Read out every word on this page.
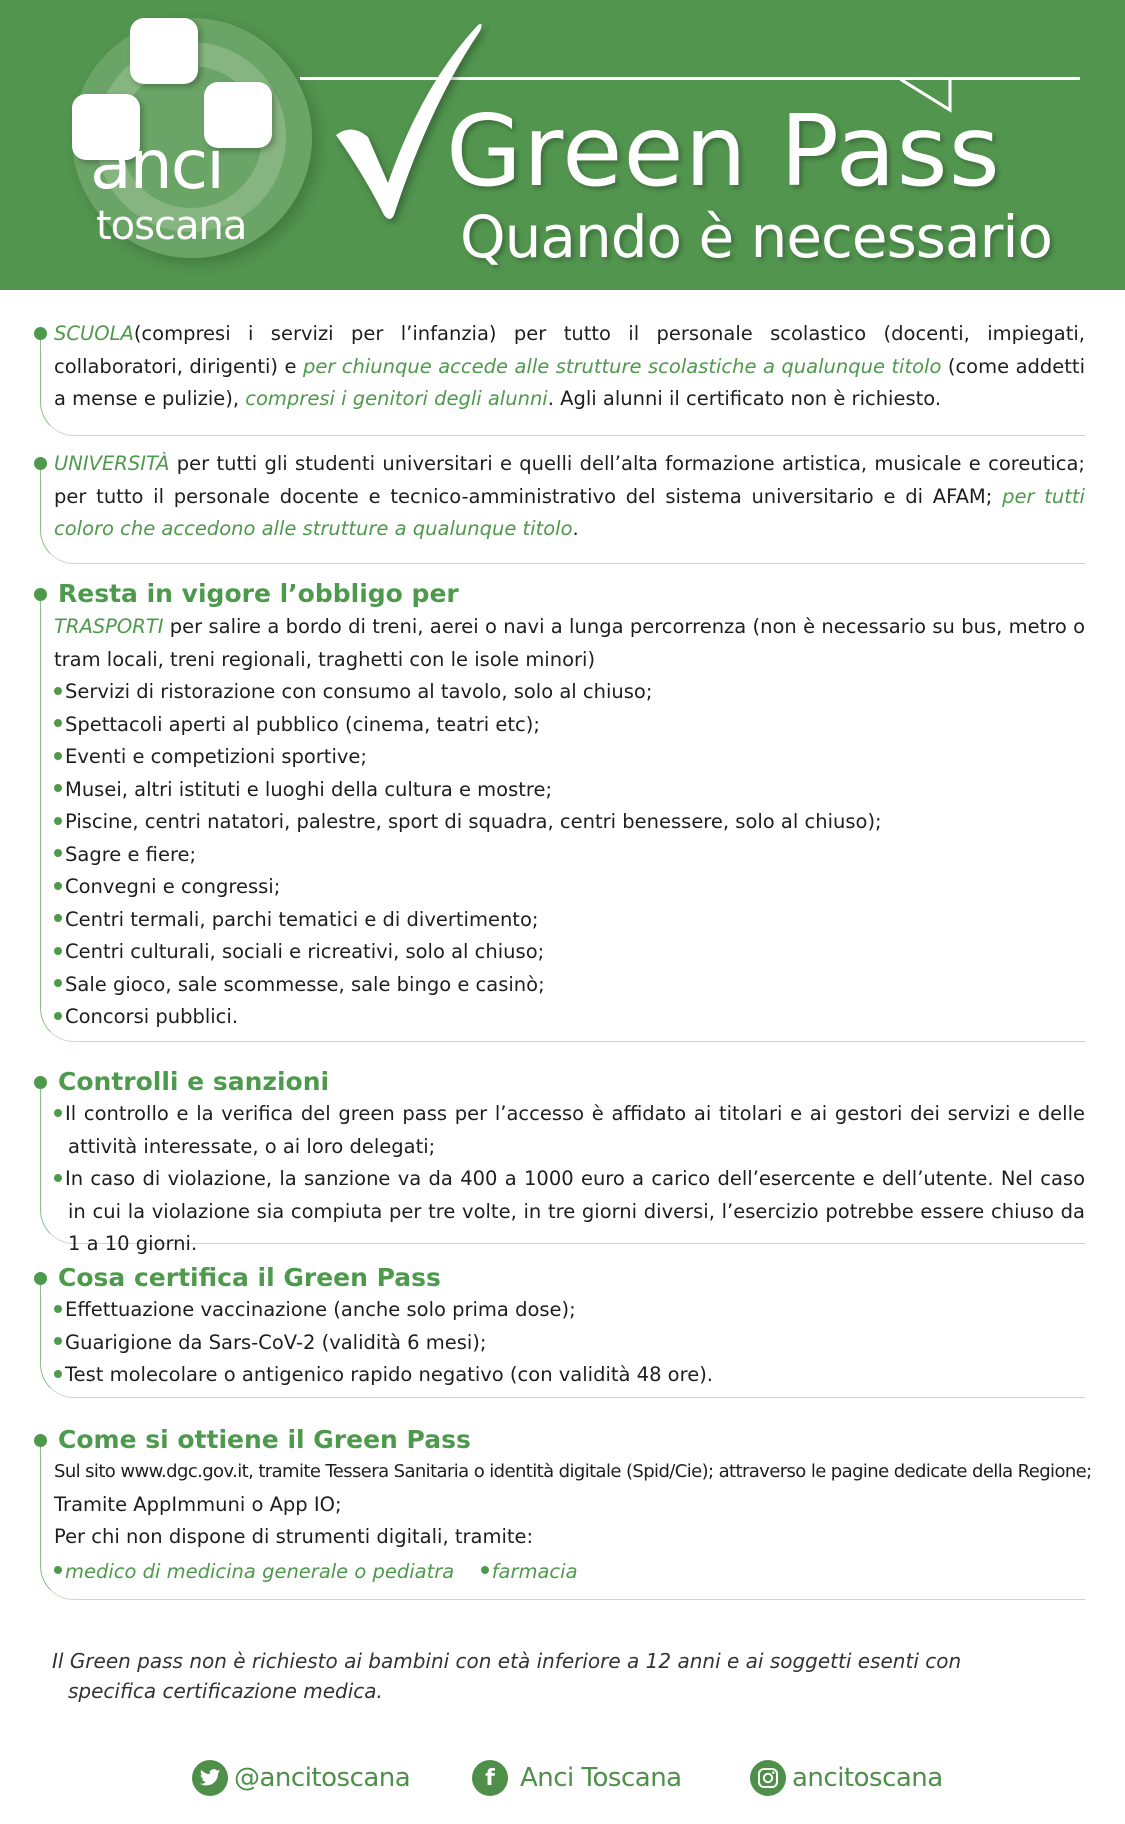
anci
toscana
Green Pass
Quando è necessario
SCUOLA(compresi i servizi per l’infanzia) per tutto il personale scolastico (docenti, impiegati, collaboratori, dirigenti) e per chiunque accede alle strutture scolastiche a qualunque titolo (come addetti a mense e pulizie), compresi i genitori degli alunni. Agli alunni il certificato non è richiesto.
UNIVERSITÀ per tutti gli studenti universitari e quelli dell’alta formazione artistica, musicale e coreutica; per tutto il personale docente e tecnico-amministrativo del sistema universitario e di AFAM; per tutti coloro che accedono alle strutture a qualunque titolo.
Resta in vigore l’obbligo per
TRASPORTI per salire a bordo di treni, aerei o navi a lunga percorrenza (non è necessario su bus, metro o tram locali, treni regionali, traghetti con le isole minori)
Servizi di ristorazione con consumo al tavolo, solo al chiuso;
Spettacoli aperti al pubblico (cinema, teatri etc);
Eventi e competizioni sportive;
Musei, altri istituti e luoghi della cultura e mostre;
Piscine, centri natatori, palestre, sport di squadra, centri benessere, solo al chiuso);
Sagre e fiere;
Convegni e congressi;
Centri termali, parchi tematici e di divertimento;
Centri culturali, sociali e ricreativi, solo al chiuso;
Sale gioco, sale scommesse, sale bingo e casinò;
Concorsi pubblici.
Controlli e sanzioni
Il controllo e la verifica del green pass per l’accesso è affidato ai titolari e ai gestori dei servizi e delle attività interessate, o ai loro delegati;
In caso di violazione, la sanzione va da 400 a 1000 euro a carico dell’esercente e dell’utente. Nel caso in cui la violazione sia compiuta per tre volte, in tre giorni diversi, l’esercizio potrebbe essere chiuso da 1 a 10 giorni.
Cosa certifica il Green Pass
Effettuazione vaccinazione (anche solo prima dose);
Guarigione da Sars-CoV-2 (validità 6 mesi);
Test molecolare o antigenico rapido negativo (con validità 48 ore).
Come si ottiene il Green Pass
Sul sito www.dgc.gov.it, tramite Tessera Sanitaria o identità digitale (Spid/Cie); attraverso le pagine dedicate della Regione;
Tramite AppImmuni o App IO;
Per chi non dispone di strumenti digitali, tramite:
medico di medicina generale o pediatra farmacia
Il Green pass non è richiesto ai bambini con età inferiore a 12 anni e ai soggetti esenti con
specifica certificazione medica.
@ancitoscana	f Anci Toscana	ancitoscana
